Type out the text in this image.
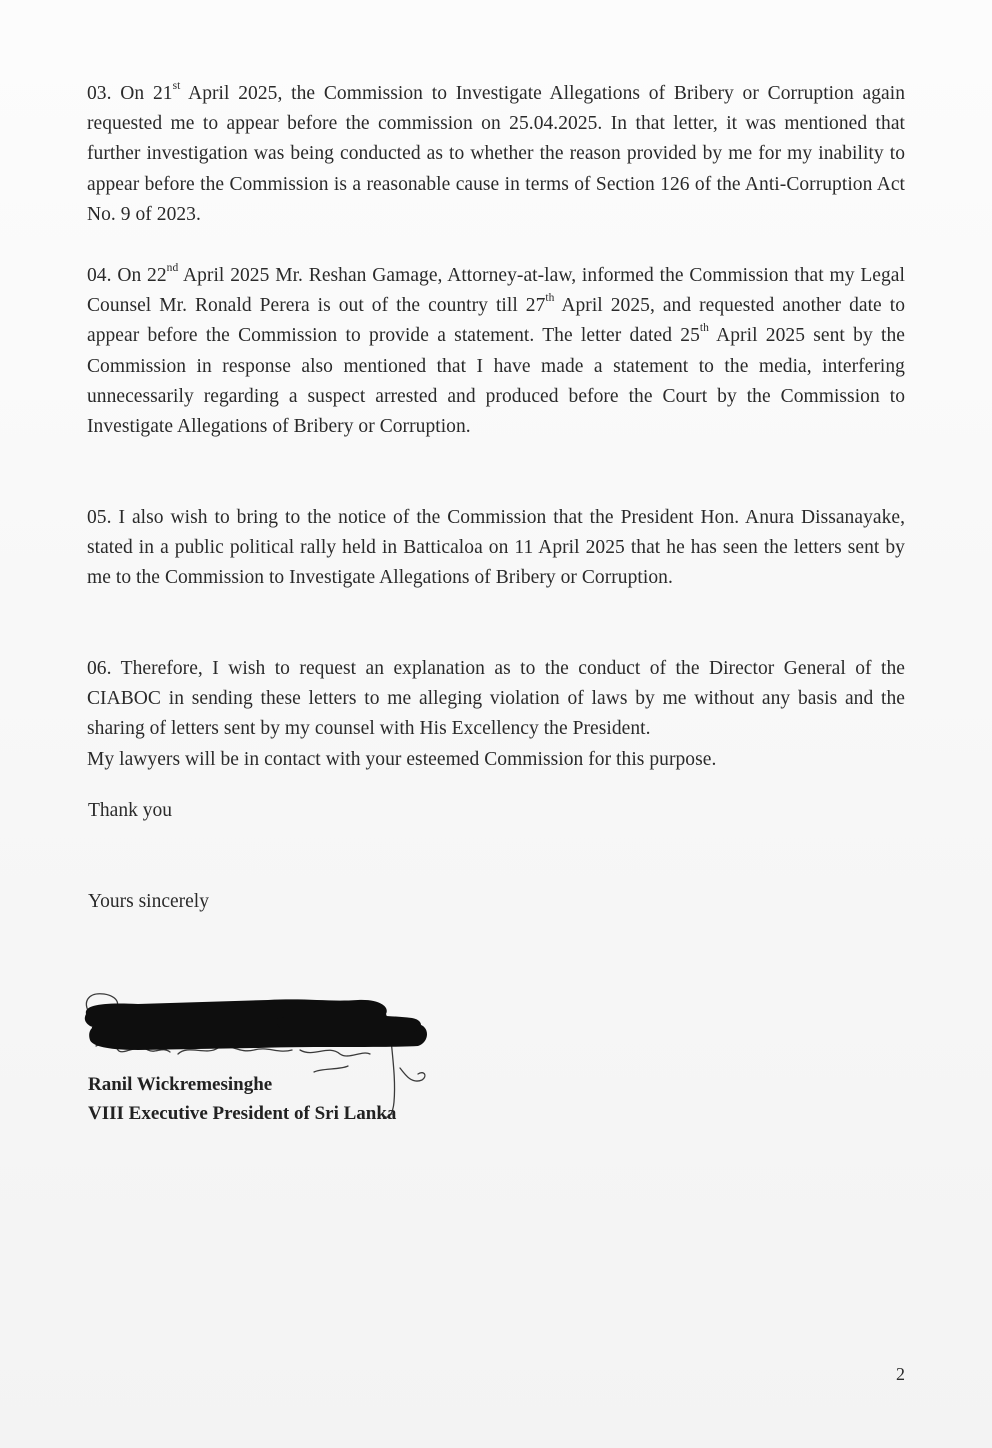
03. On 21st April 2025, the Commission to Investigate Allegations of Bribery or Corruption again requested me to appear before the commission on 25.04.2025. In that letter, it was mentioned that further investigation was being conducted as to whether the reason provided by me for my inability to appear before the Commission is a reasonable cause in terms of Section 126 of the Anti-Corruption Act No. 9 of 2023.

04. On 22nd April 2025 Mr. Reshan Gamage, Attorney-at-law, informed the Commission that my Legal Counsel Mr. Ronald Perera is out of the country till 27th April 2025, and requested another date to appear before the Commission to provide a statement. The letter dated 25th April 2025 sent by the Commission in response also mentioned that I have made a statement to the media, interfering unnecessarily regarding a suspect arrested and produced before the Court by the Commission to Investigate Allegations of Bribery or Corruption.

05. I also wish to bring to the notice of the Commission that the President Hon. Anura Dissanayake, stated in a public political rally held in Batticaloa on 11 April 2025 that he has seen the letters sent by me to the Commission to Investigate Allegations of Bribery or Corruption.

06. Therefore, I wish to request an explanation as to the conduct of the Director General of the CIABOC in sending these letters to me alleging violation of laws by me without any basis and the sharing of letters sent by my counsel with His Excellency the President.
My lawyers will be in contact with your esteemed Commission for this purpose.

Thank you

Yours sincerely

Ranil Wickremesinghe

VIII Executive President of Sri Lanka

2
